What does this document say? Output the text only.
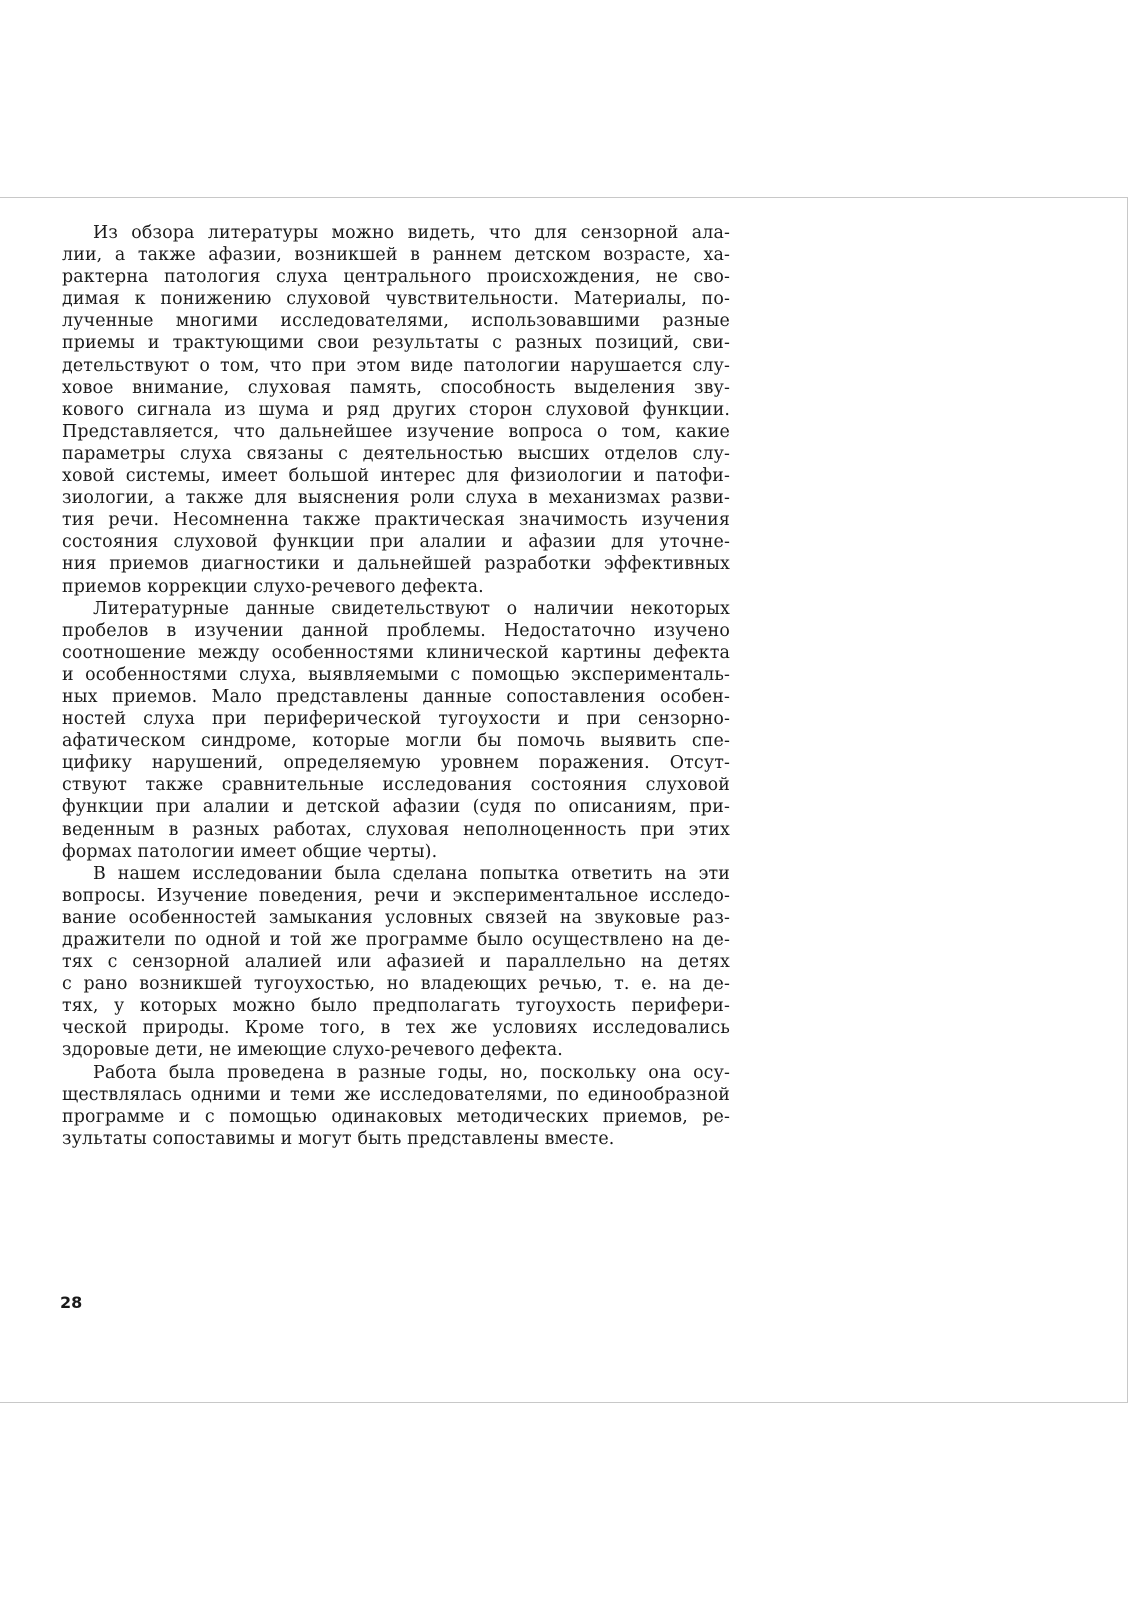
Из обзора литературы можно видеть, что для сензорной ала-
лии, а также афазии, возникшей в раннем детском возрасте, ха-
рактерна патология слуха центрального происхождения, не сво-
димая к понижению слуховой чувствительности. Материалы, по-
лученные многими исследователями, использовавшими разные
приемы и трактующими свои результаты с разных позиций, сви-
детельствуют о том, что при этом виде патологии нарушается слу-
ховое внимание, слуховая память, способность выделения зву-
кового сигнала из шума и ряд других сторон слуховой функции.
Представляется, что дальнейшее изучение вопроса о том, какие
параметры слуха связаны с деятельностью высших отделов слу-
ховой системы, имеет большой интерес для физиологии и патофи-
зиологии, а также для выяснения роли слуха в механизмах разви-
тия речи. Несомненна также практическая значимость изучения
состояния слуховой функции при алалии и афазии для уточне-
ния приемов диагностики и дальнейшей разработки эффективных
приемов коррекции слухо-речевого дефекта.
Литературные данные свидетельствуют о наличии некоторых
пробелов в изучении данной проблемы. Недостаточно изучено
соотношение между особенностями клинической картины дефекта
и особенностями слуха, выявляемыми с помощью эксперименталь-
ных приемов. Мало представлены данные сопоставления особен-
ностей слуха при периферической тугоухости и при сензорно-
афатическом синдроме, которые могли бы помочь выявить спе-
цифику нарушений, определяемую уровнем поражения. Отсут-
ствуют также сравнительные исследования состояния слуховой
функции при алалии и детской афазии (судя по описаниям, при-
веденным в разных работах, слуховая неполноценность при этих
формах патологии имеет общие черты).
В нашем исследовании была сделана попытка ответить на эти
вопросы. Изучение поведения, речи и экспериментальное исследо-
вание особенностей замыкания условных связей на звуковые раз-
дражители по одной и той же программе было осуществлено на де-
тях с сензорной алалией или афазией и параллельно на детях
с рано возникшей тугоухостью, но владеющих речью, т. е. на де-
тях, у которых можно было предполагать тугоухость перифери-
ческой природы. Кроме того, в тех же условиях исследовались
здоровые дети, не имеющие слухо-речевого дефекта.
Работа была проведена в разные годы, но, поскольку она осу-
ществлялась одними и теми же исследователями, по единообразной
программе и с помощью одинаковых методических приемов, ре-
зультаты сопоставимы и могут быть представлены вместе.
28
